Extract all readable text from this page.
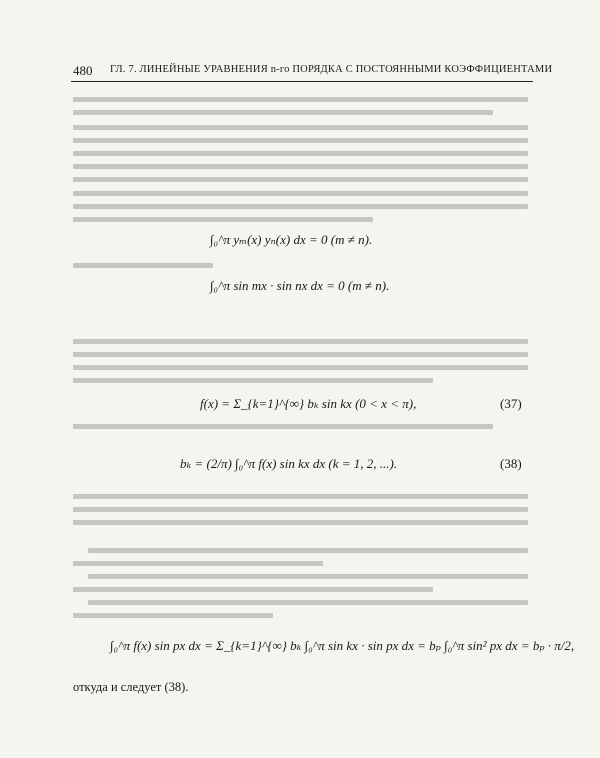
480 ГЛ. 7. ЛИНЕЙНЫЕ УРАВНЕНИЯ n-го ПОРЯДКА С ПОСТОЯННЫМИ КОЭФФИЦИЕНТАМИ
∫₀^π yₘ(x) yₙ(x) dx = 0 (m ≠ n).
∫₀^π sin mx · sin nx dx = 0 (m ≠ n).
f(x) = Σ_{k=1}^{∞} bₖ sin kx (0 < x < π),	(37)
bₖ = (2/π) ∫₀^π f(x) sin kx dx (k = 1, 2, ...).	(38)
∫₀^π f(x) sin px dx = Σ_{k=1}^{∞} bₖ ∫₀^π sin kx · sin px dx = bₚ ∫₀^π sin² px dx = bₚ · π/2,
откуда и следует (38).
